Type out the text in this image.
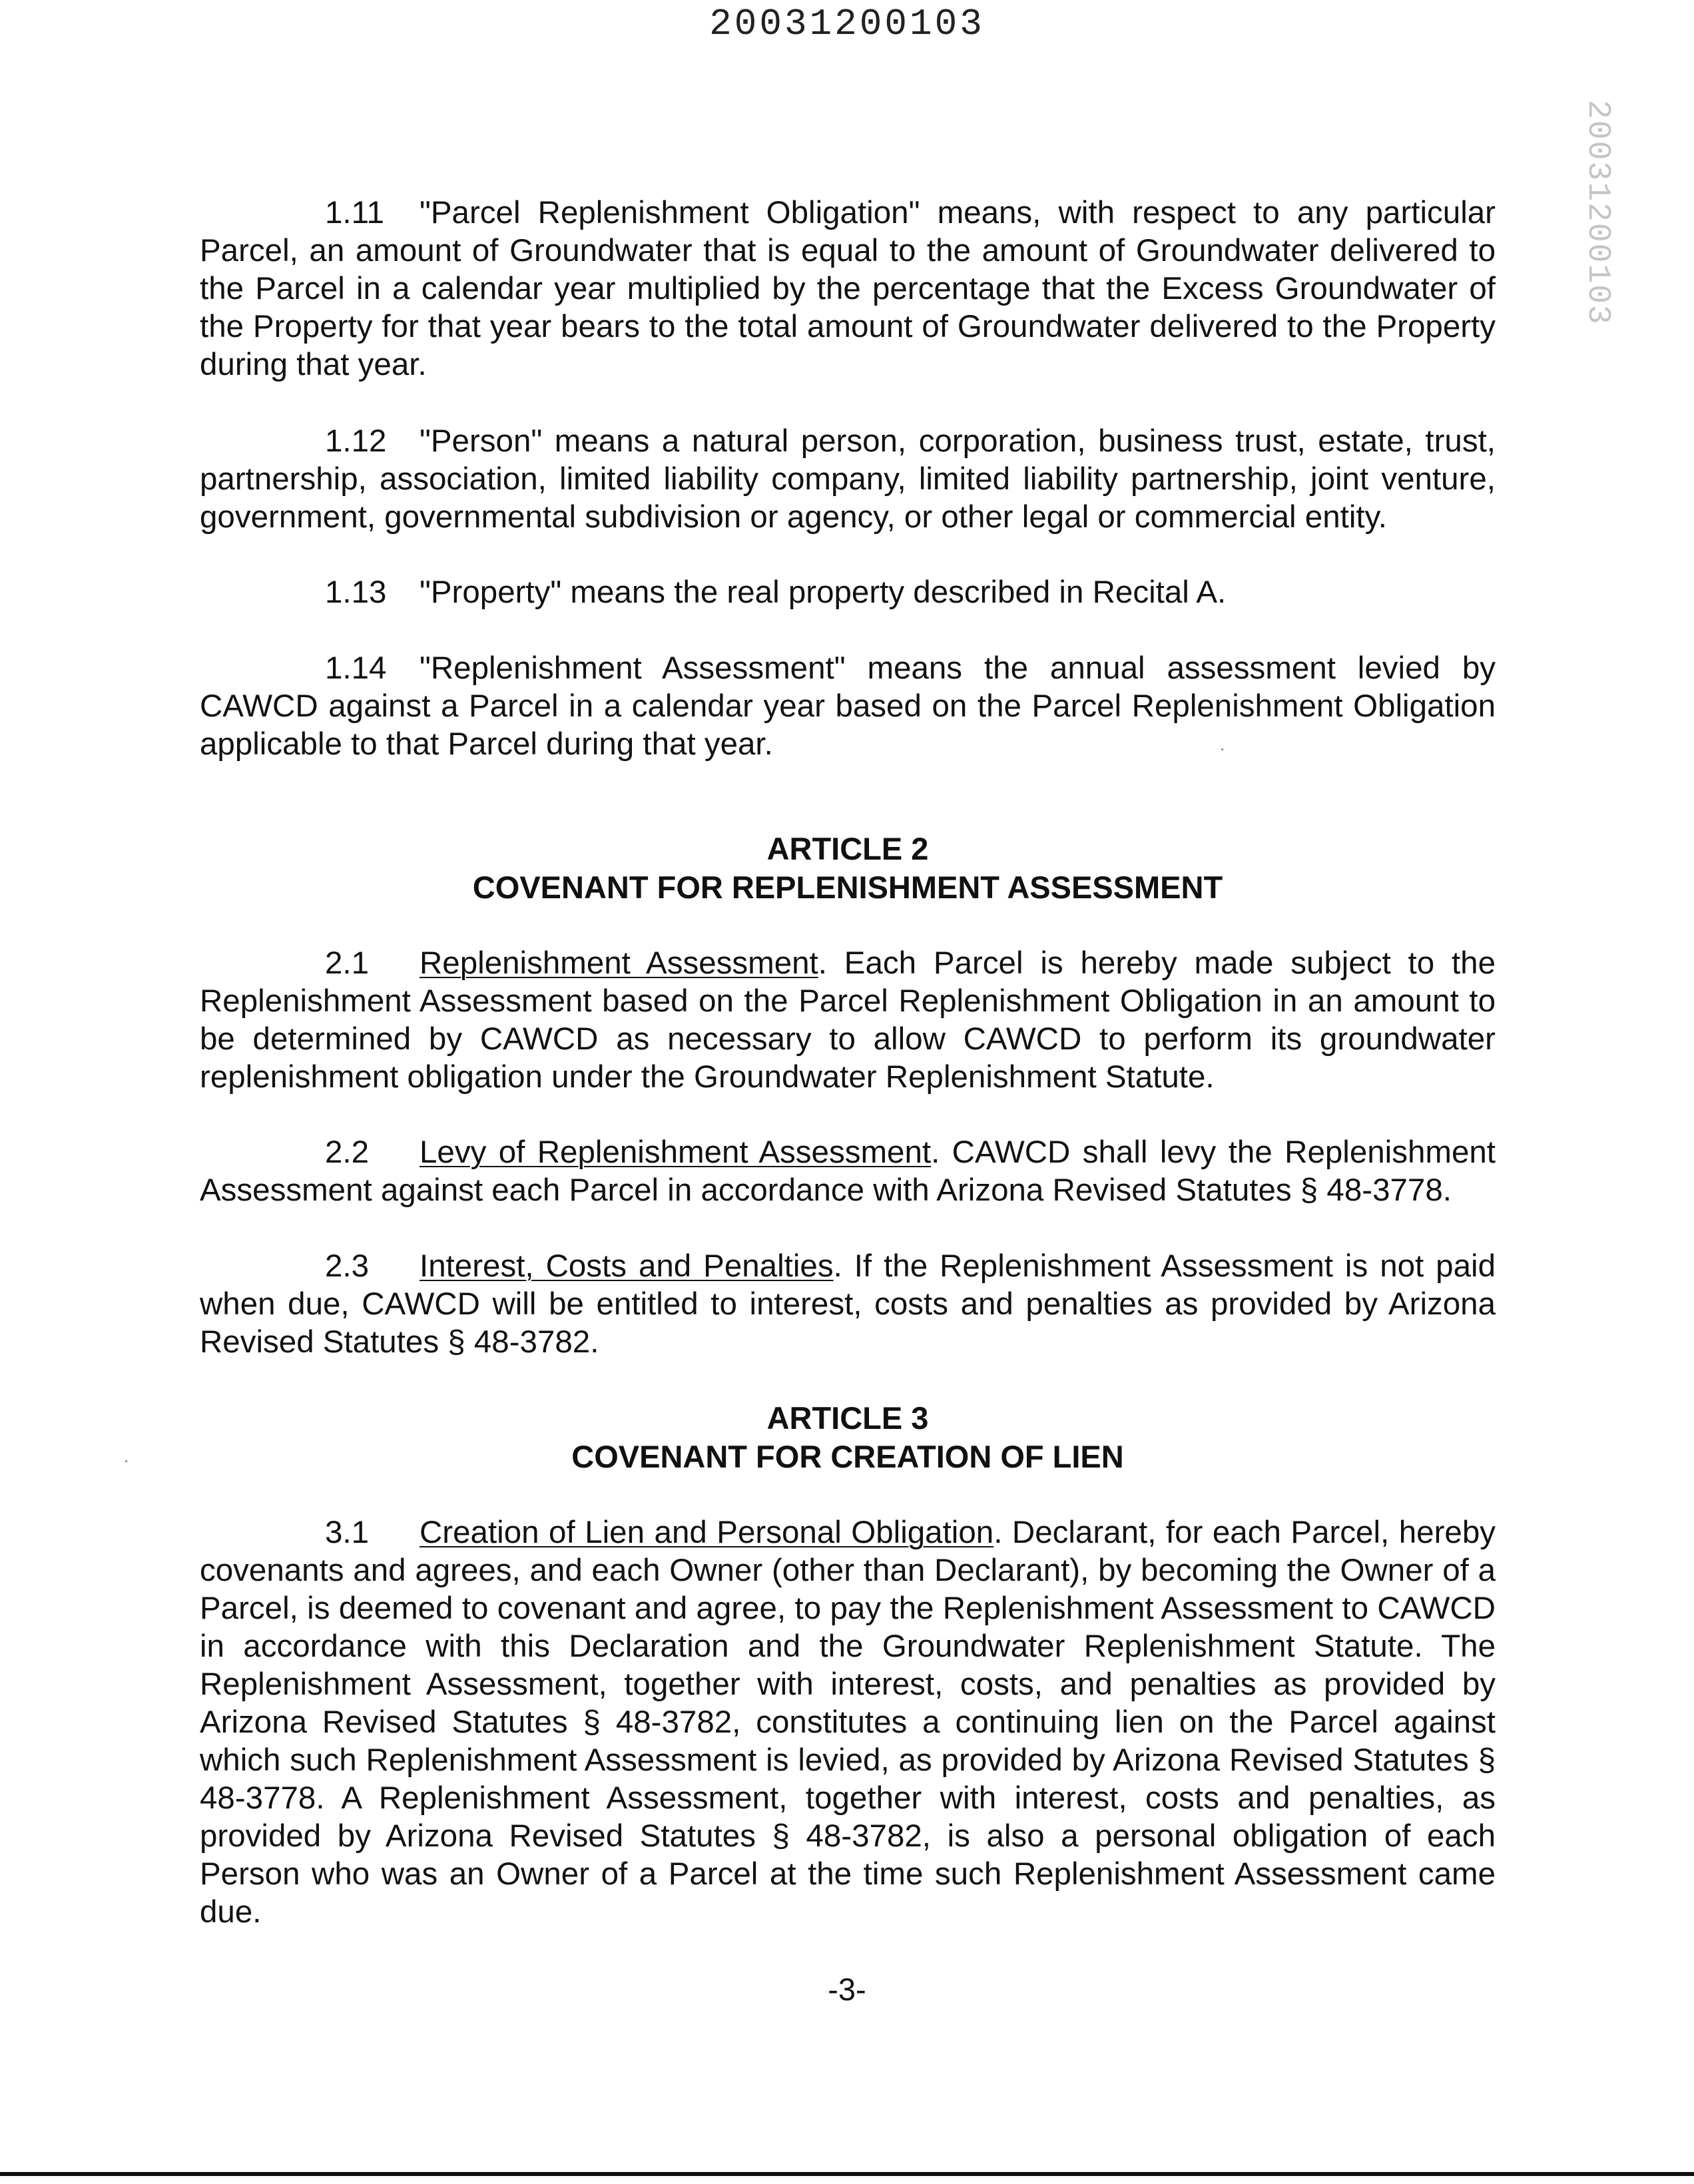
20031200103
20031200103

1.11 "Parcel Replenishment Obligation" means, with respect to any particular Parcel, an amount of Groundwater that is equal to the amount of Groundwater delivered to the Parcel in a calendar year multiplied by the percentage that the Excess Groundwater of the Property for that year bears to the total amount of Groundwater delivered to the Property during that year.

1.12 "Person" means a natural person, corporation, business trust, estate, trust, partnership, association, limited liability company, limited liability partnership, joint venture, government, governmental subdivision or agency, or other legal or commercial entity.

1.13 "Property" means the real property described in Recital A.

1.14 "Replenishment Assessment" means the annual assessment levied by CAWCD against a Parcel in a calendar year based on the Parcel Replenishment Obligation applicable to that Parcel during that year.

ARTICLE 2
COVENANT FOR REPLENISHMENT ASSESSMENT

2.1 Replenishment Assessment. Each Parcel is hereby made subject to the Replenishment Assessment based on the Parcel Replenishment Obligation in an amount to be determined by CAWCD as necessary to allow CAWCD to perform its groundwater replenishment obligation under the Groundwater Replenishment Statute.

2.2 Levy of Replenishment Assessment. CAWCD shall levy the Replenishment Assessment against each Parcel in accordance with Arizona Revised Statutes § 48-3778.

2.3 Interest, Costs and Penalties. If the Replenishment Assessment is not paid when due, CAWCD will be entitled to interest, costs and penalties as provided by Arizona Revised Statutes § 48-3782.

ARTICLE 3
COVENANT FOR CREATION OF LIEN

3.1 Creation of Lien and Personal Obligation. Declarant, for each Parcel, hereby covenants and agrees, and each Owner (other than Declarant), by becoming the Owner of a Parcel, is deemed to covenant and agree, to pay the Replenishment Assessment to CAWCD in accordance with this Declaration and the Groundwater Replenishment Statute. The Replenishment Assessment, together with interest, costs, and penalties as provided by Arizona Revised Statutes § 48-3782, constitutes a continuing lien on the Parcel against which such Replenishment Assessment is levied, as provided by Arizona Revised Statutes § 48-3778. A Replenishment Assessment, together with interest, costs and penalties, as provided by Arizona Revised Statutes § 48-3782, is also a personal obligation of each Person who was an Owner of a Parcel at the time such Replenishment Assessment came due.

-3-
